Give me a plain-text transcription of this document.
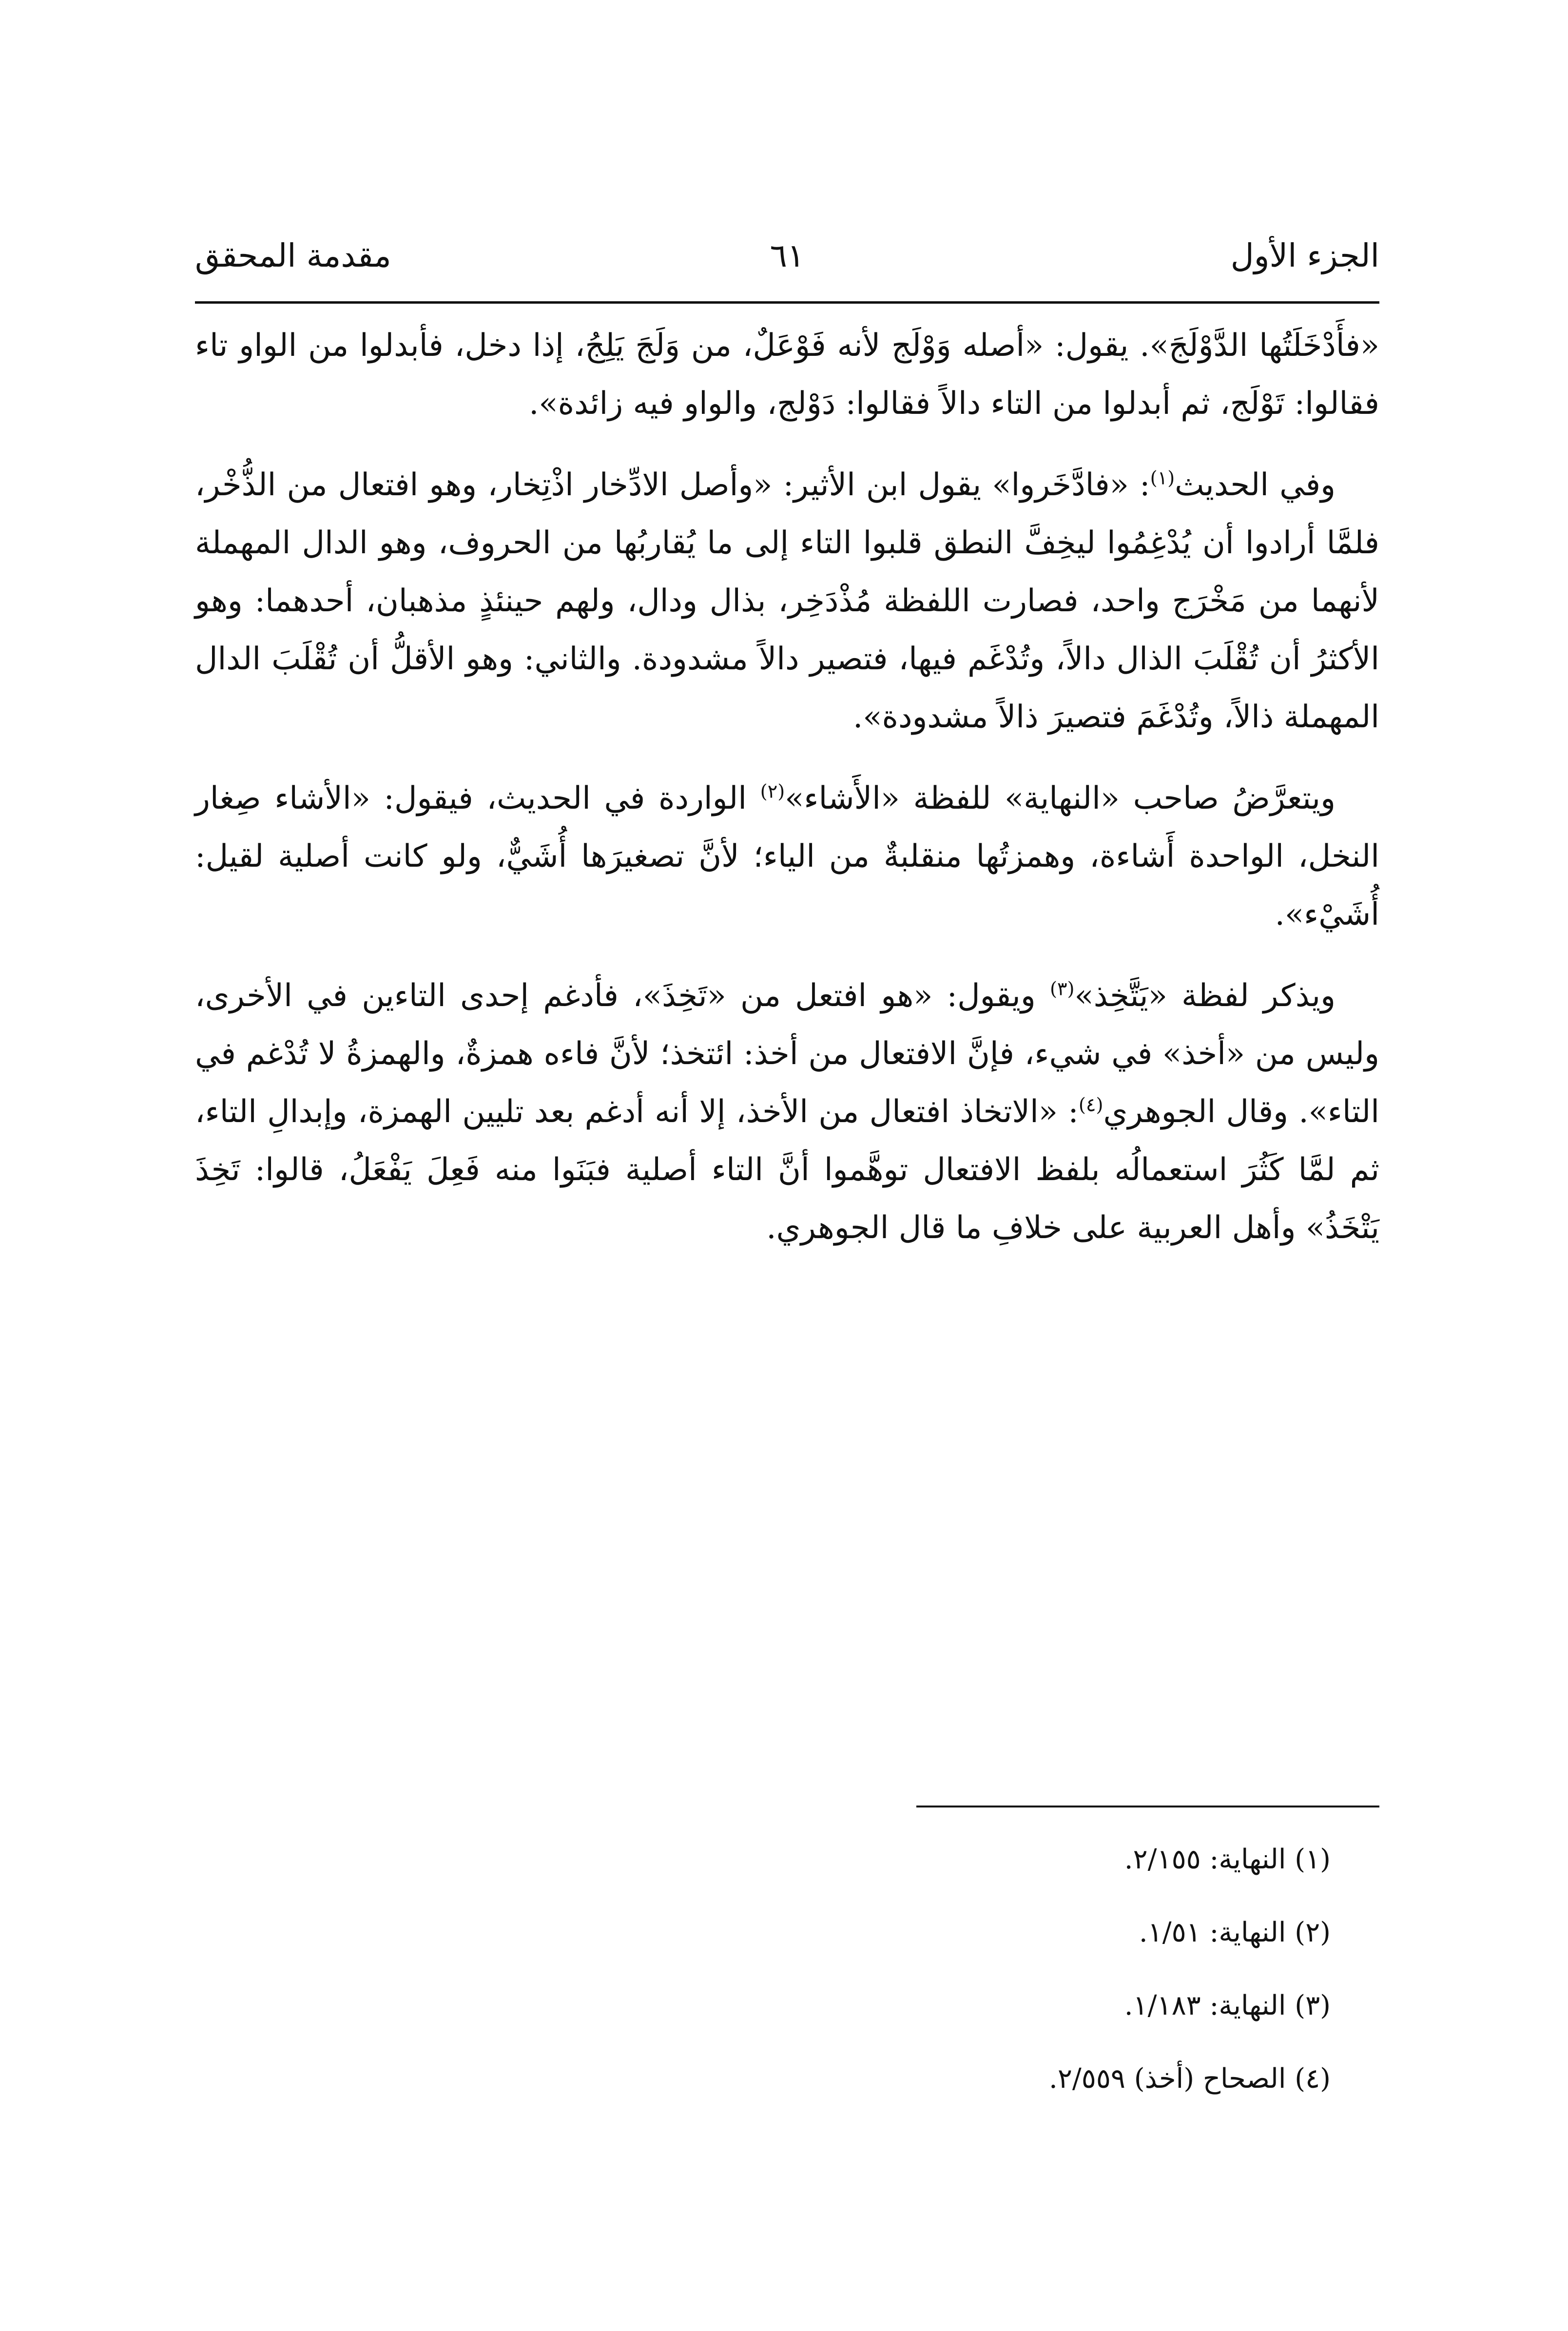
الجزء الأول
٦١
مقدمة المحقق

«فأَدْخَلَتُها الدَّوْلَجَ». يقول: «أصله وَوْلَج لأنه فَوْعَلٌ، من وَلَجَ يَلِجُ، إذا دخل، فأبدلوا من الواو تاء فقالوا: تَوْلَج، ثم أبدلوا من التاء دالاً فقالوا: دَوْلج، والواو فيه زائدة».

وفي الحديث$^{(١)}$: «فادَّخَروا» يقول ابن الأثير: «وأصل الادِّخار اذْتِخار، وهو افتعال من الذُّخْر، فلمَّا أرادوا أن يُدْغِمُوا ليخِفَّ النطق قلبوا التاء إلى ما يُقاربُها من الحروف، وهو الدال المهملة لأنهما من مَخْرَج واحد، فصارت اللفظة مُذْدَخِر، بذال ودال، ولهم حينئذٍ مذهبان، أحدهما: وهو الأكثرُ أن تُقْلَبَ الذال دالاً، وتُدْغَم فيها، فتصير دالاً مشدودة. والثاني: وهو الأقلُّ أن تُقْلَبَ الدال المهملة ذالاً، وتُدْغَمَ فتصيرَ ذالاً مشدودة».

ويتعرَّضُ صاحب «النهاية» للفظة «الأَشاء»$^{(٢)}$ الواردة في الحديث، فيقول: «الأشاء صِغار النخل، الواحدة أَشاءة، وهمزتُها منقلبةٌ من الياء؛ لأنَّ تصغيرَها أُشَيٌّ، ولو كانت أصلية لقيل: أُشَيْء».

ويذكر لفظة «يَتَّخِذ»$^{(٣)}$ ويقول: «هو افتعل من «تَخِذَ»، فأدغم إحدى التاءين في الأخرى، وليس من «أخذ» في شيء، فإنَّ الافتعال من أخذ: ائتخذ؛ لأنَّ فاءه همزةٌ، والهمزةُ لا تُدْغم في التاء». وقال الجوهري$^{(٤)}$: «الاتخاذ افتعال من الأخذ، إلا أنه أدغم بعد تليين الهمزة، وإبدالِ التاء، ثم لمَّا كَثُرَ استعمالُه بلفظ الافتعال توهَّموا أنَّ التاء أصلية فبَنَوا منه فَعِلَ يَفْعَلُ، قالوا: تَخِذَ يَتْخَذُ» وأهل العربية على خلافِ ما قال الجوهري.

(١) النهاية: ٢/١٥٥.
(٢) النهاية: ١/٥١.
(٣) النهاية: ١/١٨٣.
(٤) الصحاح (أخذ) ٢/٥٥٩.
